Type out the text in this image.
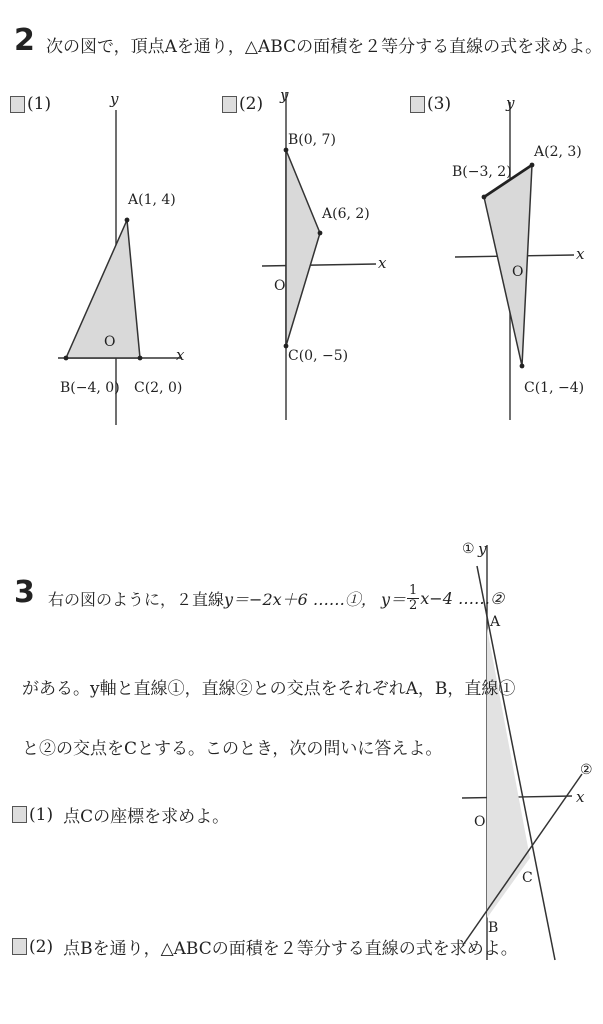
2 次の図で，頂点Aを通り，△ABCの面積を２等分する直線の式を求めよ。
(1)	(2)	(3)
y
x
O
A(1, 4)
B(−4, 0) C(2, 0)
y
x
O
A(6, 2)
B(0, 7)
C(0, −5)
y
x
O
A(2, 3)
B(−3, 2)
C(1, −4)
① y
②
x
O
A
B
C
3 右の図のように，２直線 y＝−2x＋6 ……①， $y= \frac{1}{2} x-4$ ……②
がある。y軸と直線①，直線②との交点をそれぞれA，B，直線①
と②の交点をCとする。このとき，次の問いに答えよ。
(1) 点Cの座標を求めよ。
(2) 点Bを通り，△ABCの面積を２等分する直線の式を求めよ。
